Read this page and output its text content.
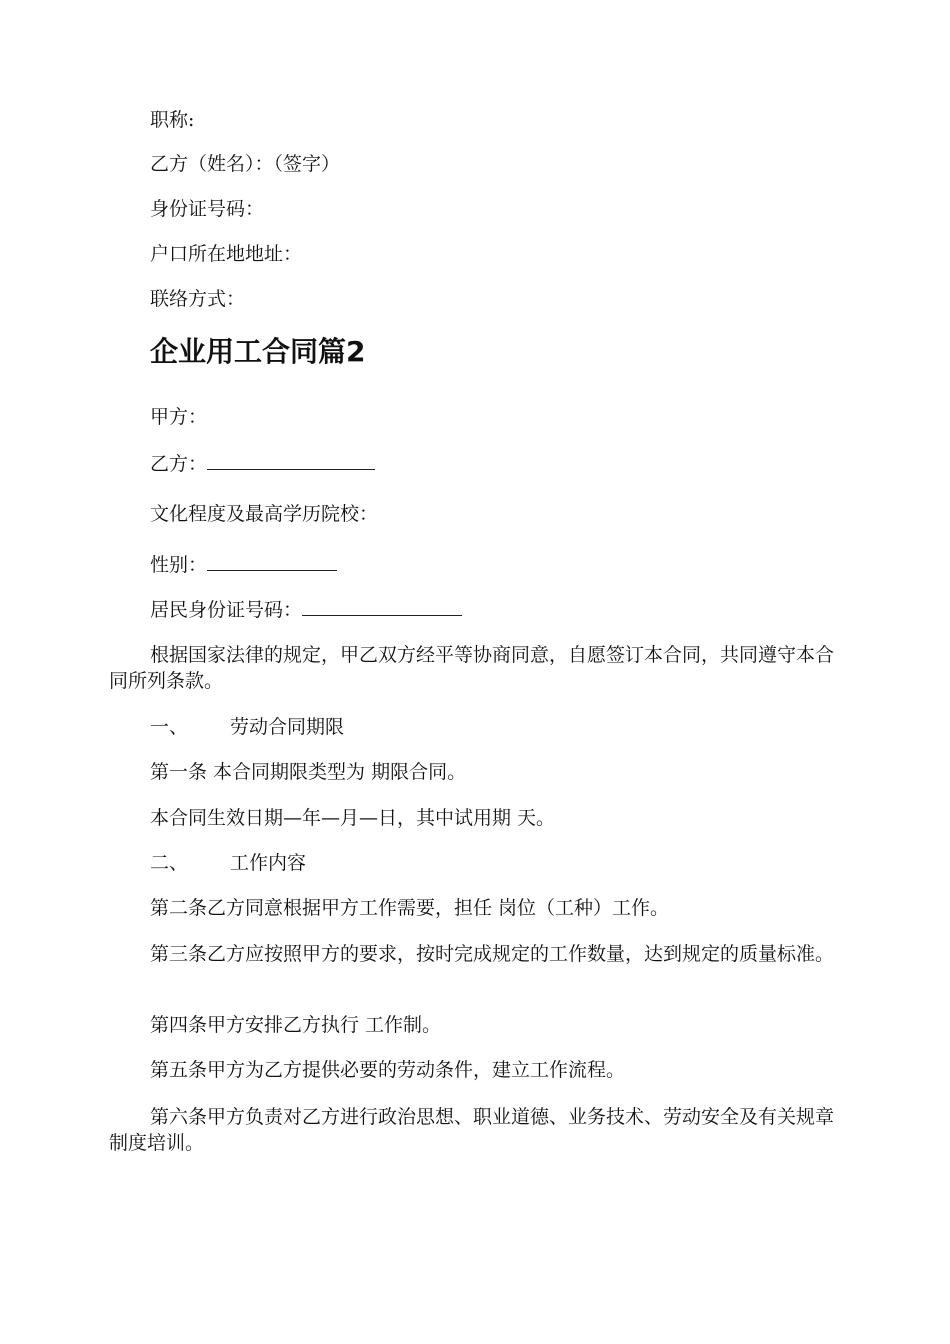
职称:
乙方（姓名）：（签字）
身份证号码：
户口所在地地址：
联络方式：
企业用工合同篇2
甲方：
乙方：
文化程度及最高学历院校：
性别：
居民身份证号码：
根据国家法律的规定，甲乙双方经平等协商同意，自愿签订本合同，共同遵守本合同所列条款。
一、 劳动合同期限
第一条 本合同期限类型为 期限合同。
本合同生效日期—年—月—日，其中试用期 天。
二、 工作内容
第二条乙方同意根据甲方工作需要，担任 岗位（工种）工作。
第三条乙方应按照甲方的要求，按时完成规定的工作数量，达到规定的质量标准。
第四条甲方安排乙方执行 工作制。
第五条甲方为乙方提供必要的劳动条件，建立工作流程。
第六条甲方负责对乙方进行政治思想、职业道德、业务技术、劳动安全及有关规章制度培训。
